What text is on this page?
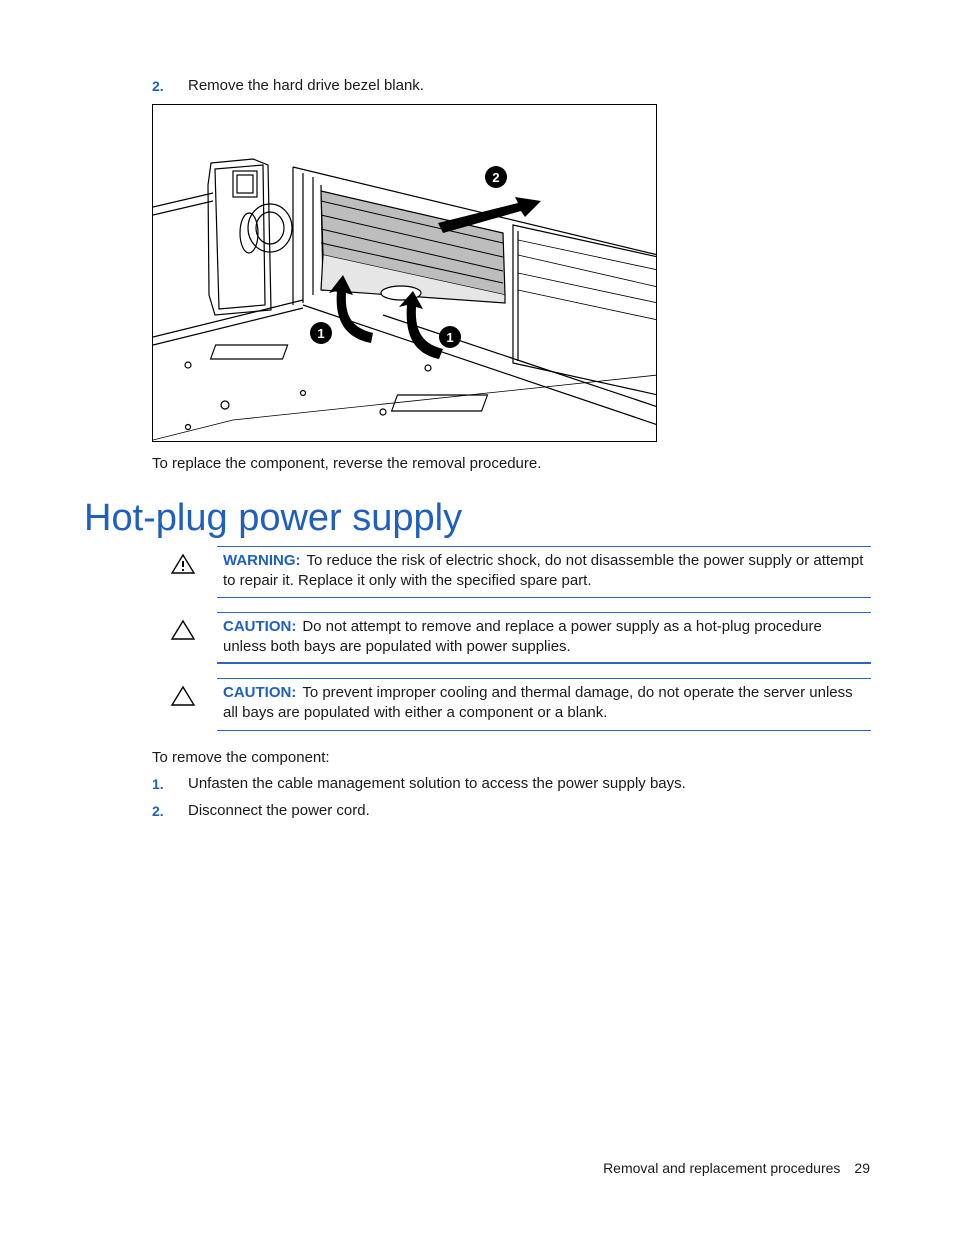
2. Remove the hard drive bezel blank.
1	1
2
To replace the component, reverse the removal procedure.
Hot-plug power supply
WARNING: To reduce the risk of electric shock, do not disassemble the power supply or attempt to repair it. Replace it only with the specified spare part.
CAUTION: Do not attempt to remove and replace a power supply as a hot-plug procedure unless both bays are populated with power supplies.
CAUTION: To prevent improper cooling and thermal damage, do not operate the server unless all bays are populated with either a component or a blank.
To remove the component:
1. Unfasten the cable management solution to access the power supply bays.
2. Disconnect the power cord.
Removal and replacement procedures 29
